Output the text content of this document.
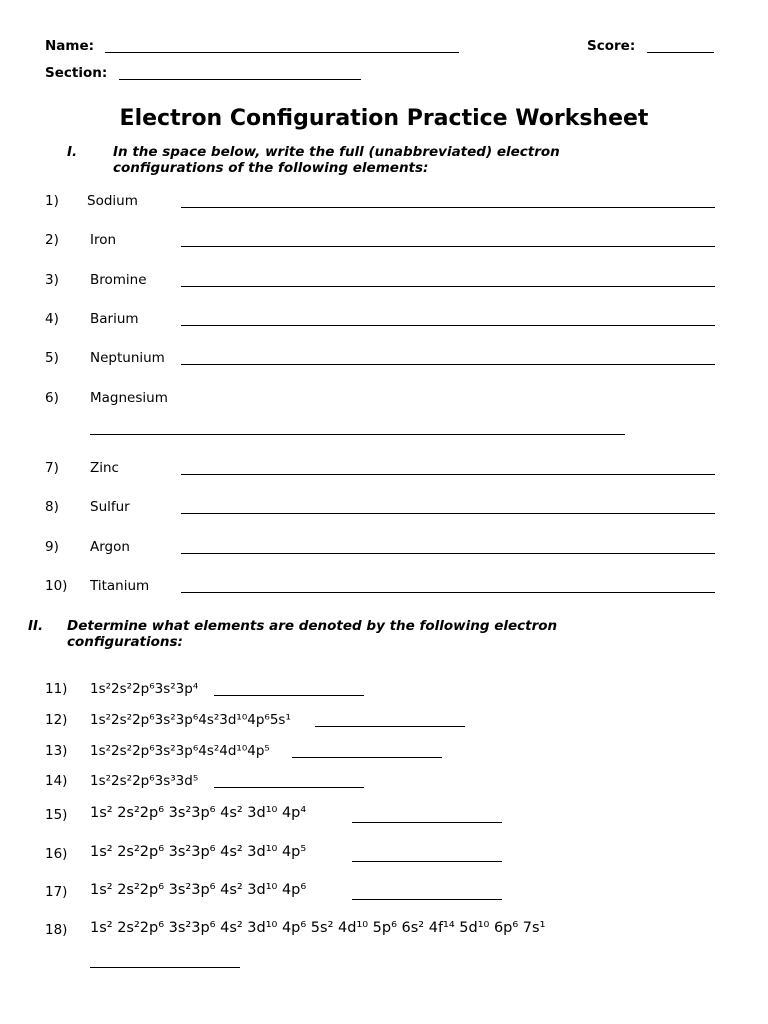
Name:	Score:
Section:
Electron Configuration Practice Worksheet
I.	In the space below, write the full (unabbreviated) electron
configurations of the following elements:
1) Sodium
2) Iron
3) Bromine
4) Barium
5) Neptunium
6) Magnesium
7) Zinc
8) Sulfur
9) Argon
10) Titanium
II. Determine what elements are denoted by the following electron
configurations:
11) 1s²2s²2p⁶3s²3p⁴
12) 1s²2s²2p⁶3s²3p⁶4s²3d¹⁰4p⁶5s¹
13) 1s²2s²2p⁶3s²3p⁶4s²4d¹⁰4p⁵
14) 1s²2s²2p⁶3s³3d⁵
15) 1s² 2s²2p⁶ 3s²3p⁶ 4s² 3d¹⁰ 4p⁴
16) 1s² 2s²2p⁶ 3s²3p⁶ 4s² 3d¹⁰ 4p⁵
17) 1s² 2s²2p⁶ 3s²3p⁶ 4s² 3d¹⁰ 4p⁶
18) 1s² 2s²2p⁶ 3s²3p⁶ 4s² 3d¹⁰ 4p⁶ 5s² 4d¹⁰ 5p⁶ 6s² 4f¹⁴ 5d¹⁰ 6p⁶ 7s¹
